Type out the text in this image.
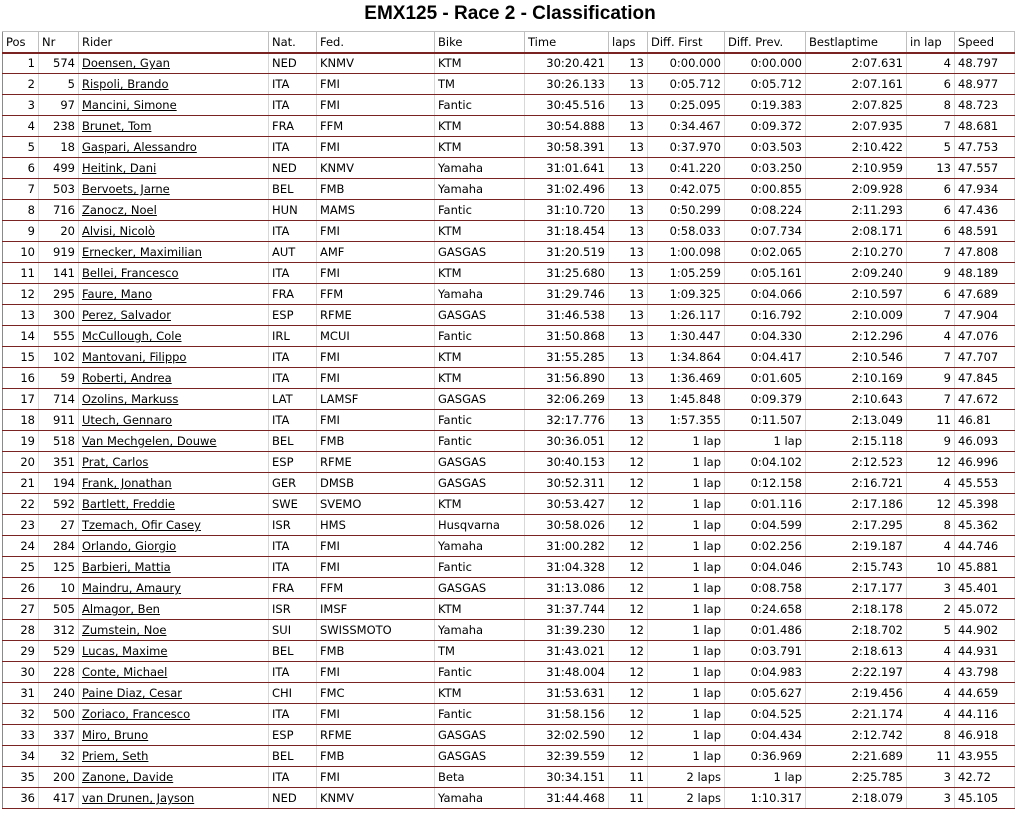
EMX125 - Race 2 - Classification
Pos	Nr	Rider	Nat.	Fed.	Bike	Time	laps	Diff. First	Diff. Prev.	Bestlaptime	in lap	Speed
1	574	Doensen, Gyan	NED	KNMV	KTM	30:20.421	13	0:00.000	0:00.000	2:07.631	4	48.797
2	5	Rispoli, Brando	ITA	FMI	TM	30:26.133	13	0:05.712	0:05.712	2:07.161	6	48.977
3	97	Mancini, Simone	ITA	FMI	Fantic	30:45.516	13	0:25.095	0:19.383	2:07.825	8	48.723
4	238	Brunet, Tom	FRA	FFM	KTM	30:54.888	13	0:34.467	0:09.372	2:07.935	7	48.681
5	18	Gaspari, Alessandro	ITA	FMI	KTM	30:58.391	13	0:37.970	0:03.503	2:10.422	5	47.753
6	499	Heitink, Dani	NED	KNMV	Yamaha	31:01.641	13	0:41.220	0:03.250	2:10.959	13	47.557
7	503	Bervoets, Jarne	BEL	FMB	Yamaha	31:02.496	13	0:42.075	0:00.855	2:09.928	6	47.934
8	716	Zanocz, Noel	HUN	MAMS	Fantic	31:10.720	13	0:50.299	0:08.224	2:11.293	6	47.436
9	20	Alvisi, Nicolò	ITA	FMI	KTM	31:18.454	13	0:58.033	0:07.734	2:08.171	6	48.591
10	919	Ernecker, Maximilian	AUT	AMF	GASGAS	31:20.519	13	1:00.098	0:02.065	2:10.270	7	47.808
11	141	Bellei, Francesco	ITA	FMI	KTM	31:25.680	13	1:05.259	0:05.161	2:09.240	9	48.189
12	295	Faure, Mano	FRA	FFM	Yamaha	31:29.746	13	1:09.325	0:04.066	2:10.597	6	47.689
13	300	Perez, Salvador	ESP	RFME	GASGAS	31:46.538	13	1:26.117	0:16.792	2:10.009	7	47.904
14	555	McCullough, Cole	IRL	MCUI	Fantic	31:50.868	13	1:30.447	0:04.330	2:12.296	4	47.076
15	102	Mantovani, Filippo	ITA	FMI	KTM	31:55.285	13	1:34.864	0:04.417	2:10.546	7	47.707
16	59	Roberti, Andrea	ITA	FMI	KTM	31:56.890	13	1:36.469	0:01.605	2:10.169	9	47.845
17	714	Ozolins, Markuss	LAT	LAMSF	GASGAS	32:06.269	13	1:45.848	0:09.379	2:10.643	7	47.672
18	911	Utech, Gennaro	ITA	FMI	Fantic	32:17.776	13	1:57.355	0:11.507	2:13.049	11	46.81
19	518	Van Mechgelen, Douwe	BEL	FMB	Fantic	30:36.051	12	1 lap	1 lap	2:15.118	9	46.093
20	351	Prat, Carlos	ESP	RFME	GASGAS	30:40.153	12	1 lap	0:04.102	2:12.523	12	46.996
21	194	Frank, Jonathan	GER	DMSB	GASGAS	30:52.311	12	1 lap	0:12.158	2:16.721	4	45.553
22	592	Bartlett, Freddie	SWE	SVEMO	KTM	30:53.427	12	1 lap	0:01.116	2:17.186	12	45.398
23	27	Tzemach, Ofir Casey	ISR	HMS	Husqvarna	30:58.026	12	1 lap	0:04.599	2:17.295	8	45.362
24	284	Orlando, Giorgio	ITA	FMI	Yamaha	31:00.282	12	1 lap	0:02.256	2:19.187	4	44.746
25	125	Barbieri, Mattia	ITA	FMI	Fantic	31:04.328	12	1 lap	0:04.046	2:15.743	10	45.881
26	10	Maindru, Amaury	FRA	FFM	GASGAS	31:13.086	12	1 lap	0:08.758	2:17.177	3	45.401
27	505	Almagor, Ben	ISR	IMSF	KTM	31:37.744	12	1 lap	0:24.658	2:18.178	2	45.072
28	312	Zumstein, Noe	SUI	SWISSMOTO	Yamaha	31:39.230	12	1 lap	0:01.486	2:18.702	5	44.902
29	529	Lucas, Maxime	BEL	FMB	TM	31:43.021	12	1 lap	0:03.791	2:18.613	4	44.931
30	228	Conte, Michael	ITA	FMI	Fantic	31:48.004	12	1 lap	0:04.983	2:22.197	4	43.798
31	240	Paine Diaz, Cesar	CHI	FMC	KTM	31:53.631	12	1 lap	0:05.627	2:19.456	4	44.659
32	500	Zoriaco, Francesco	ITA	FMI	Fantic	31:58.156	12	1 lap	0:04.525	2:21.174	4	44.116
33	337	Miro, Bruno	ESP	RFME	GASGAS	32:02.590	12	1 lap	0:04.434	2:12.742	8	46.918
34	32	Priem, Seth	BEL	FMB	GASGAS	32:39.559	12	1 lap	0:36.969	2:21.689	11	43.955
35	200	Zanone, Davide	ITA	FMI	Beta	30:34.151	11	2 laps	1 lap	2:25.785	3	42.72
36	417	van Drunen, Jayson	NED	KNMV	Yamaha	31:44.468	11	2 laps	1:10.317	2:18.079	3	45.105
